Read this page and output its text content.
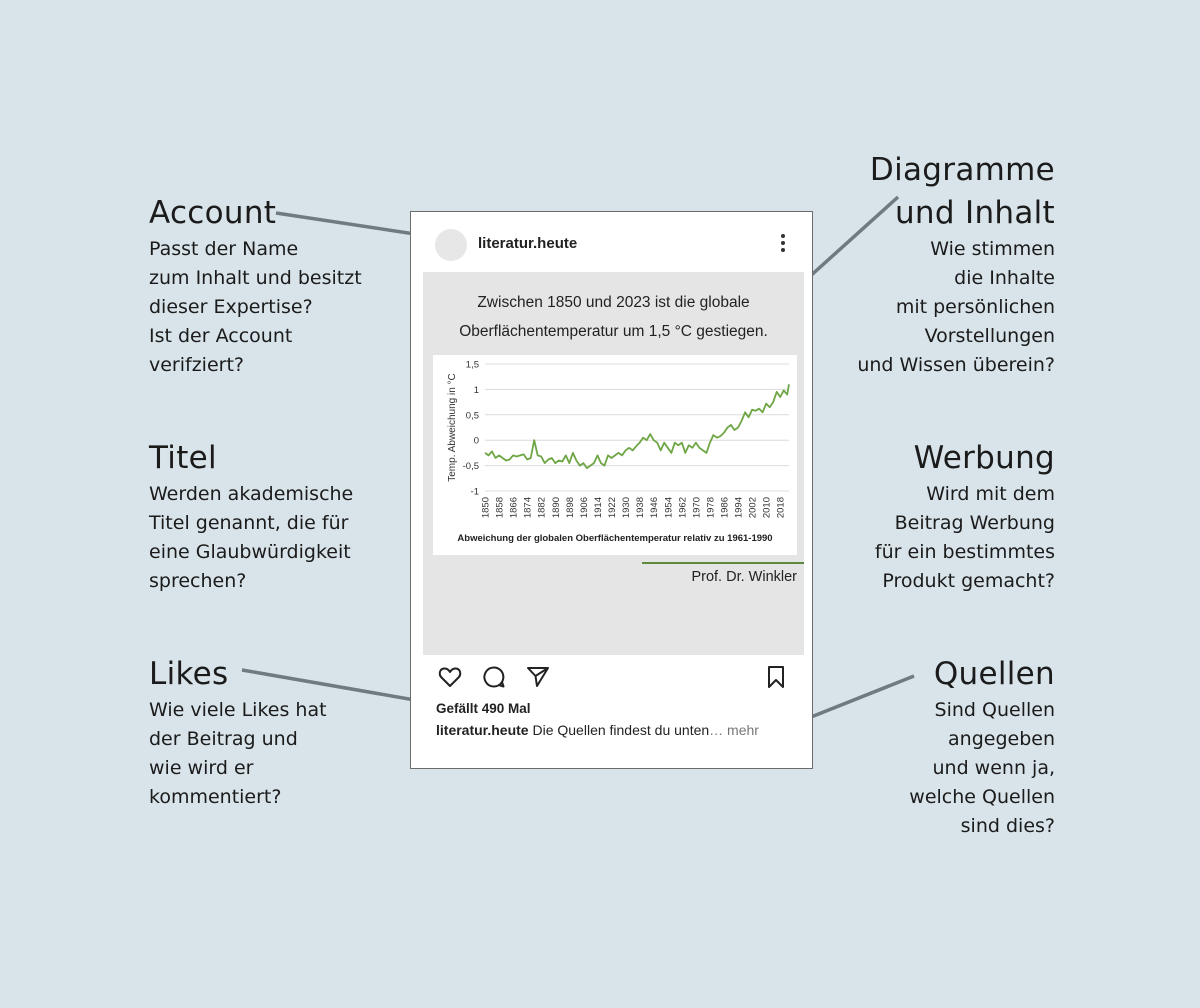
Account
Passt der Name
zum Inhalt und besitzt
dieser Expertise?
Ist der Account
verifziert?
Titel
Werden akademische
Titel genannt, die für
eine Glaubwürdigkeit
sprechen?
Likes
Wie viele Likes hat
der Beitrag und
wie wird er
kommentiert?
Diagramme
und Inhalt
Wie stimmen
die Inhalte
mit persönlichen
Vorstellungen
und Wissen überein?
Werbung
Wird mit dem
Beitrag Werbung
für ein bestimmtes
Produkt gemacht?
Quellen
Sind Quellen
angegeben
und wenn ja,
welche Quellen
sind dies?
literatur.heute
Zwischen 1850 und 2023 ist die globale
Oberflächentemperatur um 1,5 °C gestiegen.
1,5
1
0,5
0
-0,5
-1
1850 1858 1866 1874 1882 1890 1898 1906 1914 1922 1930 1938 1946 1954 1962 1970 1978 1986 1994 2002 2010 2018
Temp. Abweichung in °C
Abweichung der globalen Oberflächentemperatur relativ zu 1961-1990
Prof. Dr. Winkler
Gefällt 490 Mal
literatur.heute Die Quellen findest du unten… mehr
